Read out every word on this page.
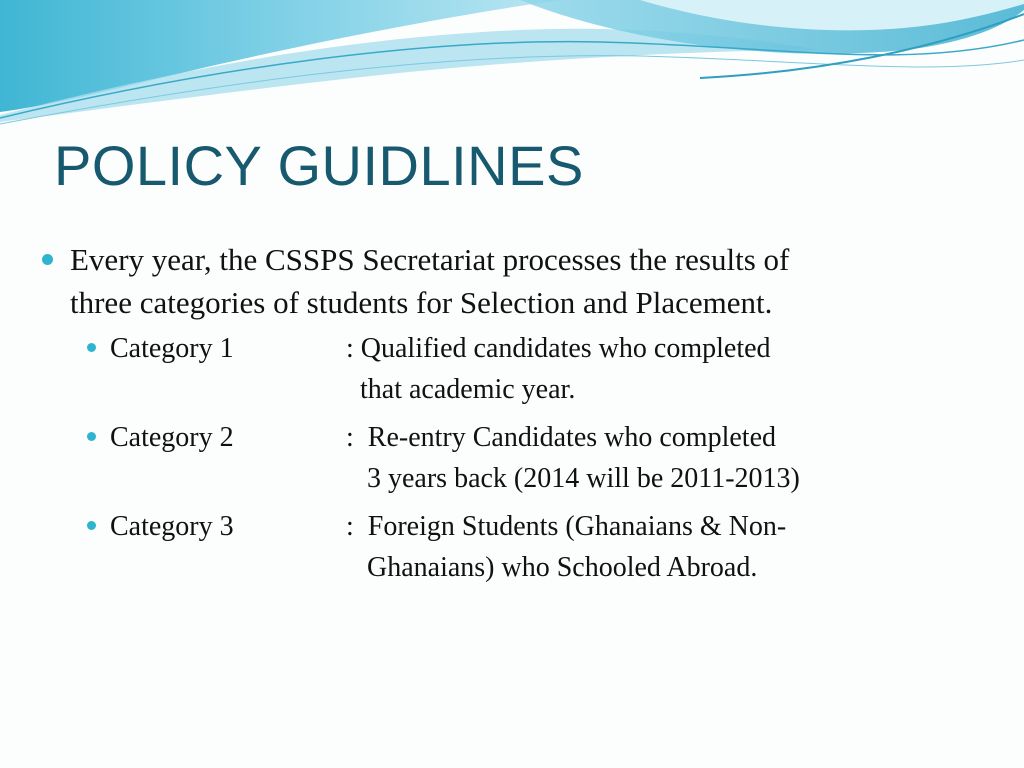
POLICY GUIDLINES
Every year, the CSSPS Secretariat processes the results of
three categories of students for Selection and Placement.
Category 1	: Qualified candidates who completed
that academic year.
Category 2	:  Re-entry Candidates who completed
3 years back (2014 will be 2011-2013)
Category 3	:  Foreign Students (Ghanaians & Non-
Ghanaians) who Schooled Abroad.
